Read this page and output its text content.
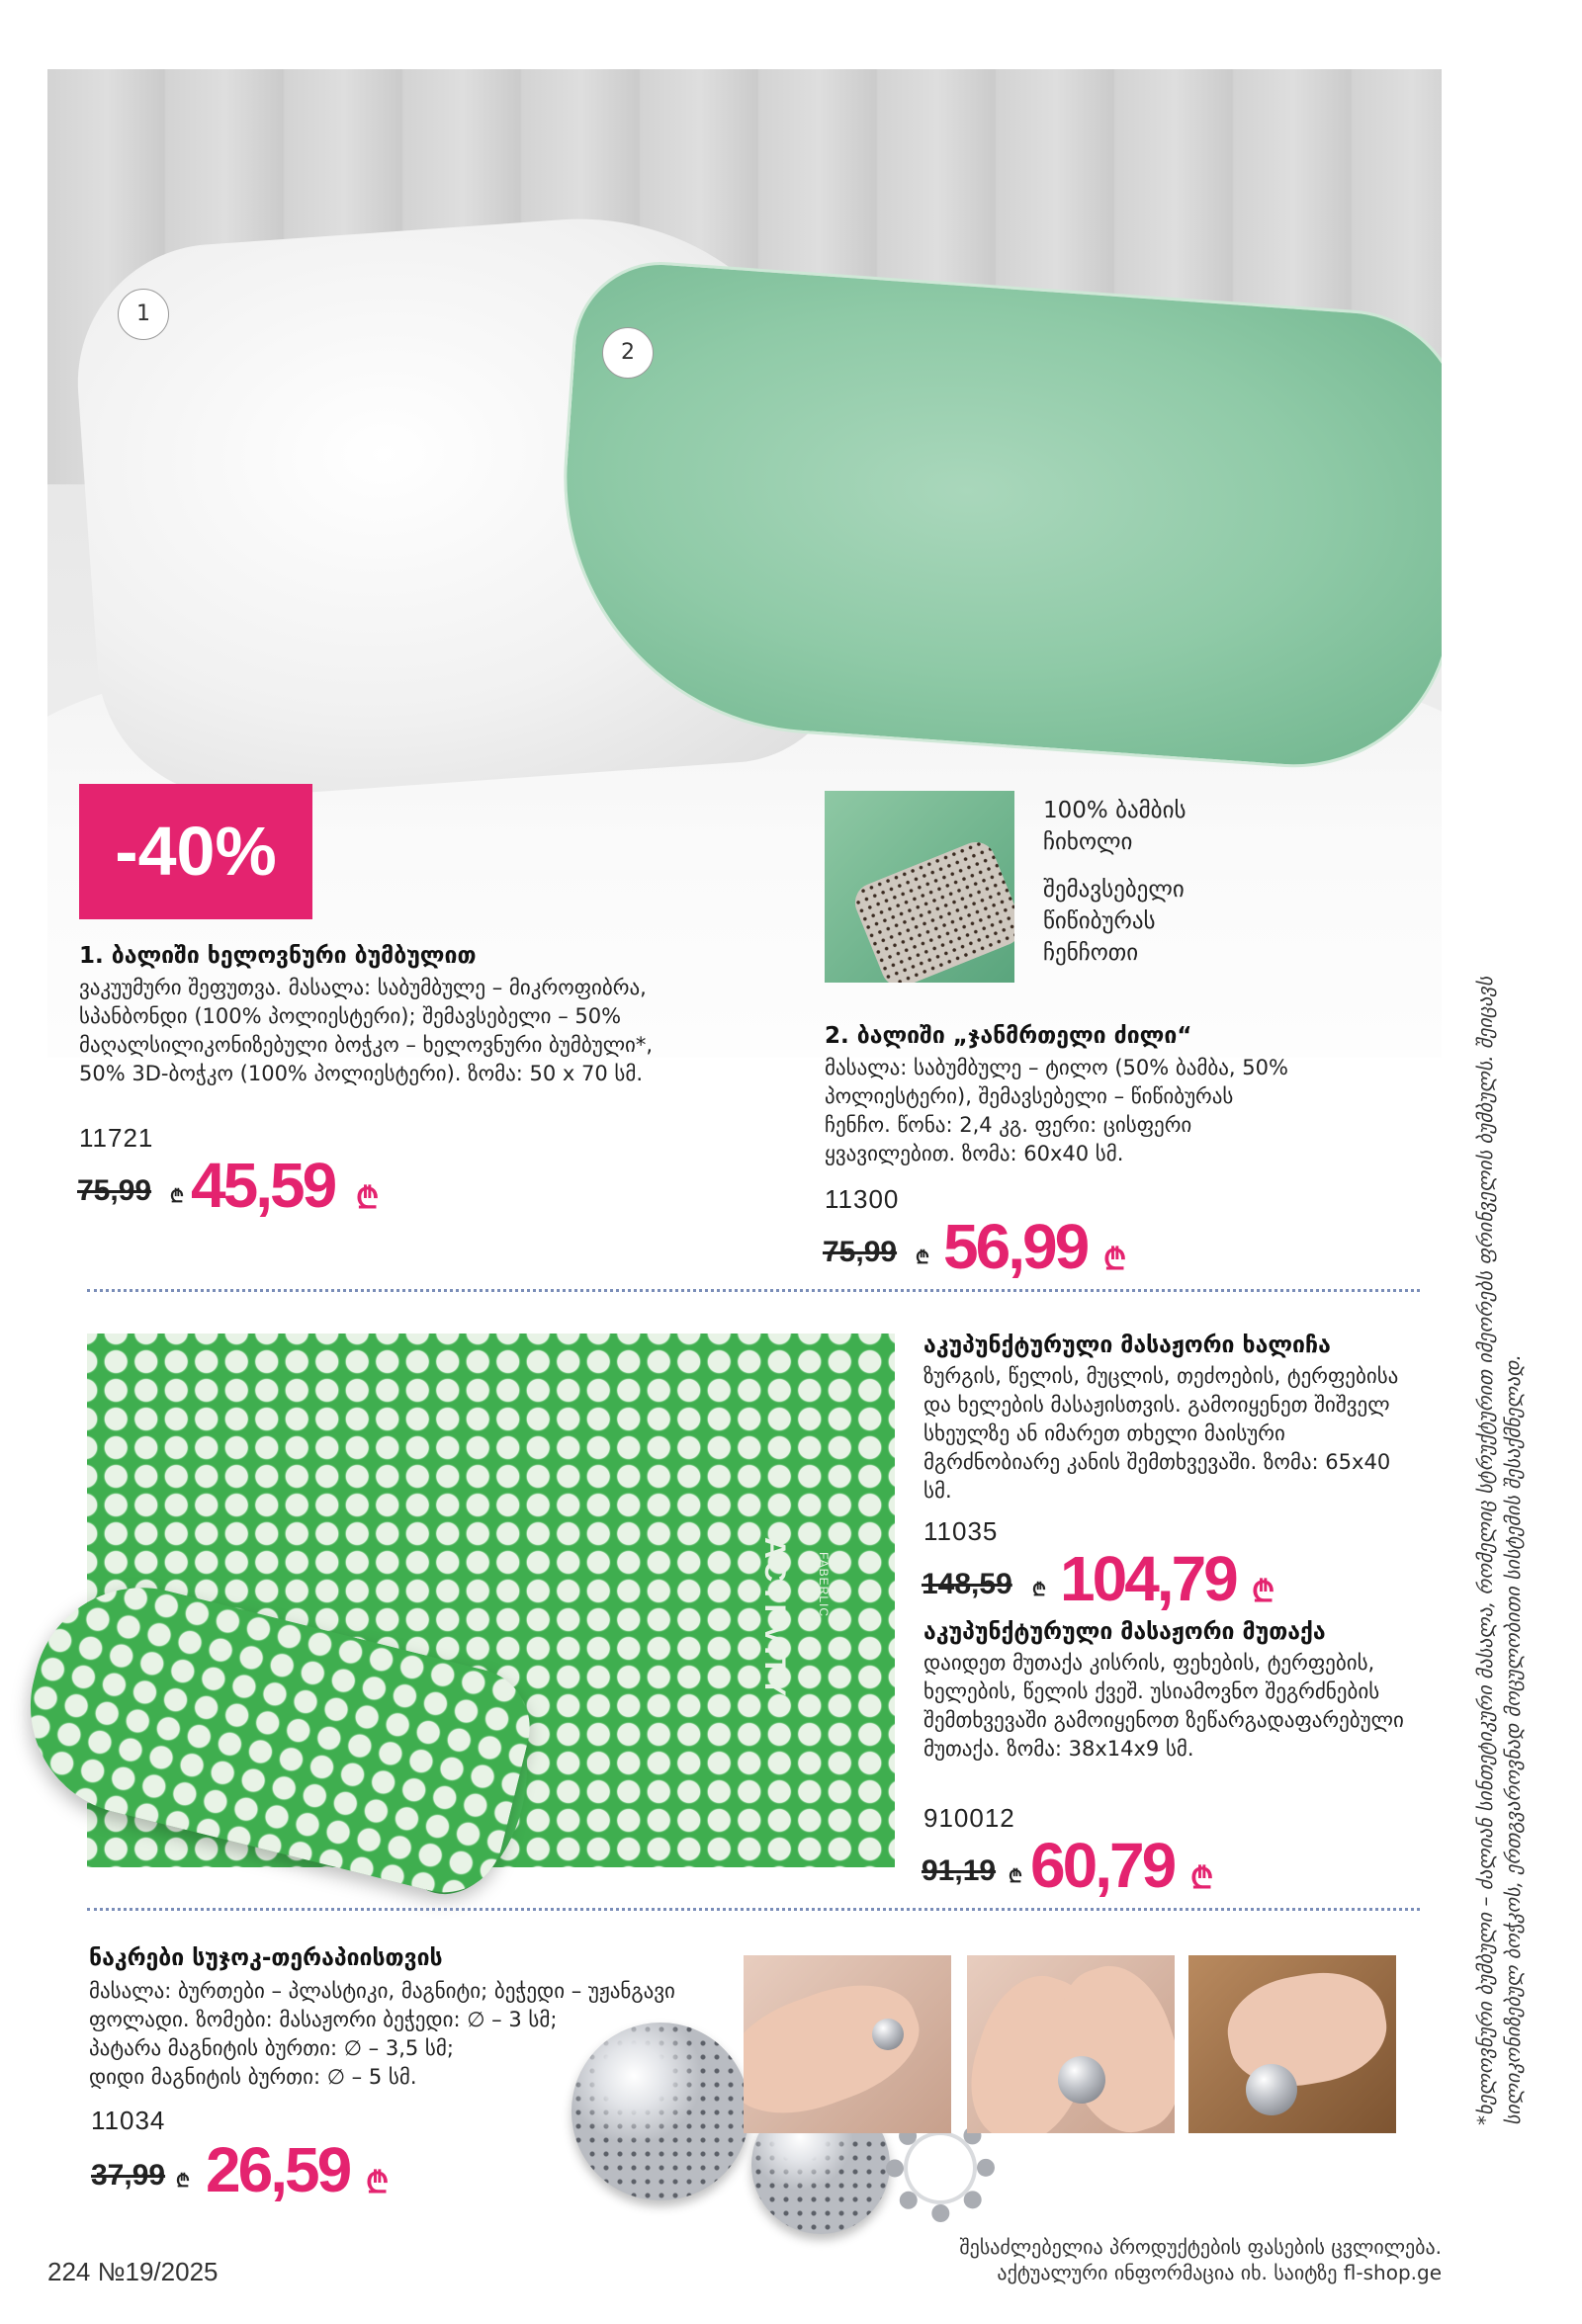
1
2
-40%
100% ბამბის ჩიხოლი
შემავსებელი წიწიბურას ჩენჩოთი
1. ბალიში ხელოვნური ბუმბულით
ვაკუუმური შეფუთვა. მასალა: საბუმბულე – მიკროფიბრა, სპანბონდი (100% პოლიესტერი); შემავსებელი – 50% მაღალსილიკონიზებული ბოჭკო – ხელოვნური ბუმბული*, 50% 3D-ბოჭკო (100% პოლიესტერი). ზომა: 50 x 70 სმ.
11721
75,99 ₾ 45,59 ₾
2. ბალიში „ჯანმრთელი ძილი“
მასალა: საბუმბულე – ტილო (50% ბამბა, 50% პოლიესტერი), შემავსებელი – წიწიბურას ჩენჩო. წონა: 2,4 კგ. ფერი: ცისფერი ყვავილებით. ზომა: 60x40 სმ.
11300
75,99 ₾ 56,99 ₾
ACTI VITY FABERLIC
აკუპუნქტურული მასაჟორი ხალიჩა
ზურგის, წელის, მუცლის, თეძოების, ტერფებისა და ხელების მასაჟისთვის. გამოიყენეთ შიშველ სხეულზე ან იმარეთ თხელი მაისური მგრძნობიარე კანის შემთხვევაში. ზომა: 65x40 სმ.
11035
148,59 ₾ 104,79 ₾
აკუპუნქტურული მასაჟორი მუთაქა
დაიდეთ მუთაქა კისრის, ფეხების, ტერფების, ხელების, წელის ქვეშ. უსიამოვნო შეგრძნების შემთხვევაში გამოიყენოთ ზეწარგადაფარებული მუთაქა. ზომა: 38x14x9 სმ.
910012
91,19 ₾ 60,79 ₾
ნაკრები სუჯოკ-თერაპიისთვის
მასალა: ბურთები – პლასტიკი, მაგნიტი; ბეჭედი – უჟანგავი ფოლადი. ზომები: მასაჟორი ბეჭედი: ∅ – 3 სმ;
პატარა მაგნიტის ბურთი: ∅ – 3,5 სმ;
დიდი მაგნიტის ბურთი: ∅ – 5 სმ.
11034
37,99 ₾ 26,59 ₾
*ხელოვნური ბუმბული – ძალიან სინთეტიკური მასალა, რომელიც სტრუქტურით იმეორებს ფრინველის ბუმბულს. შეიცავს სილიკონიზებულ ბოჭკოს, ერთგვაროვნად მოცულობითი სისტემის შესაქმნელად.
224 №19/2025
შესაძლებელია პროდუქტების ფასების ცვლილება.
აქტუალური ინფორმაცია იხ. საიტზე fl-shop.ge
